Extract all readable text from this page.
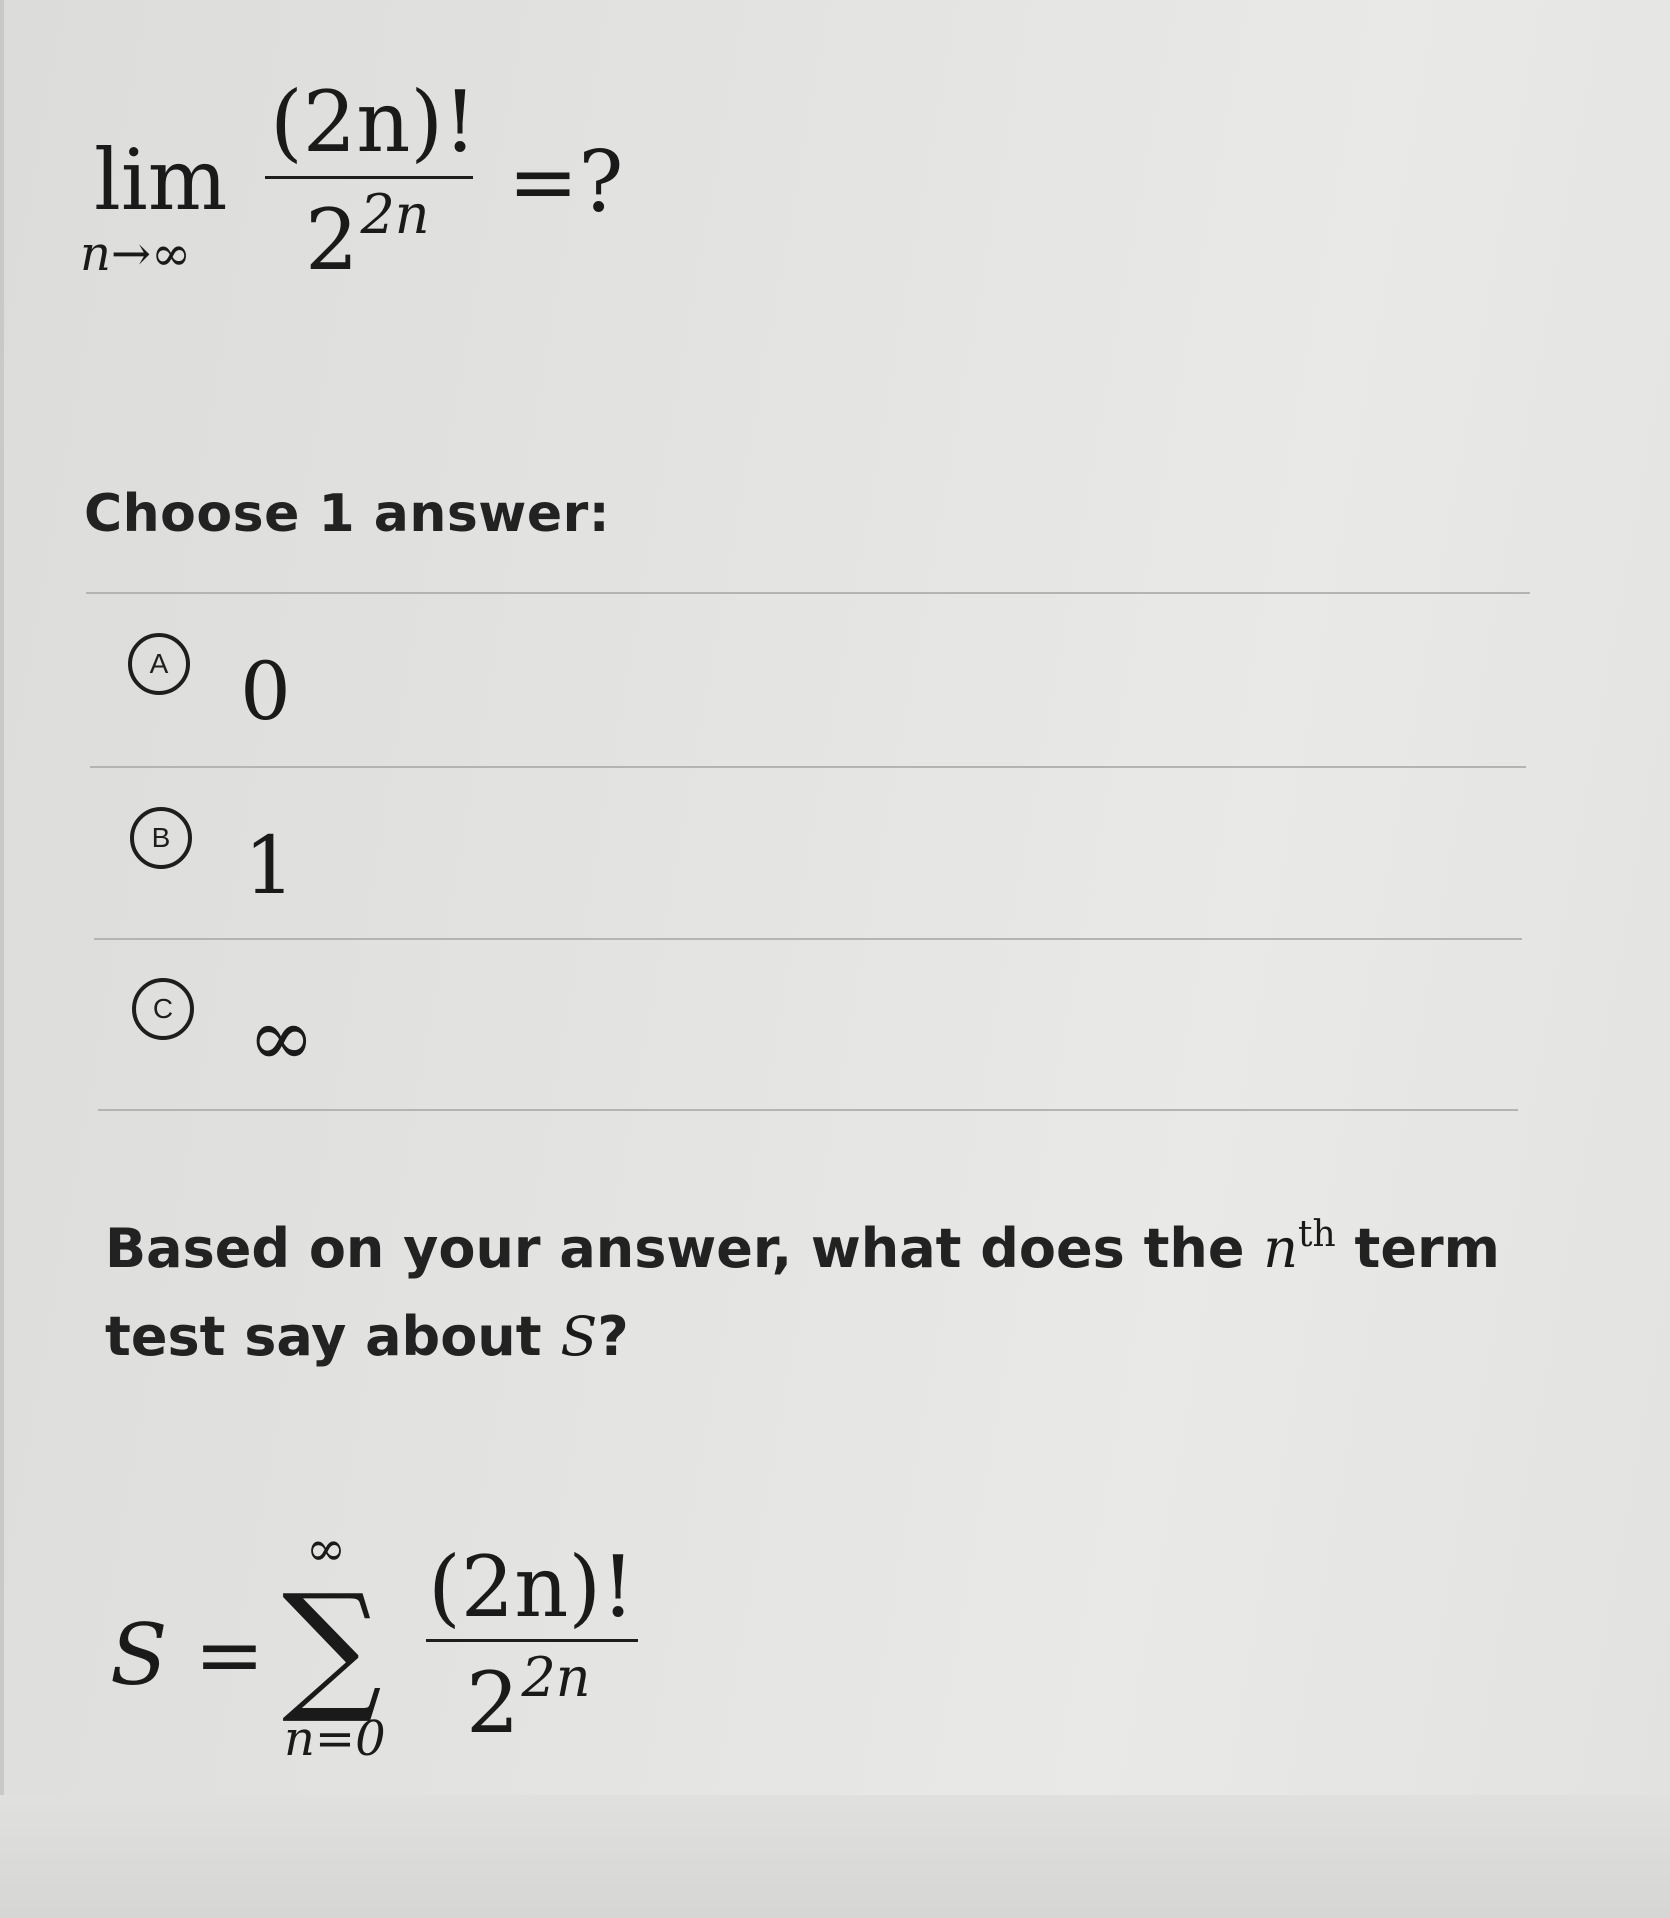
lim
n→∞
(2n)!
$2^{2n}$ =?
Choose 1 answer:
A 0
B 1
C ∞
Based on your answer, what does the $n^{th}$ term test say about S?
S =
∞
∑
n=0
(2n)!
$2^{2n}$
